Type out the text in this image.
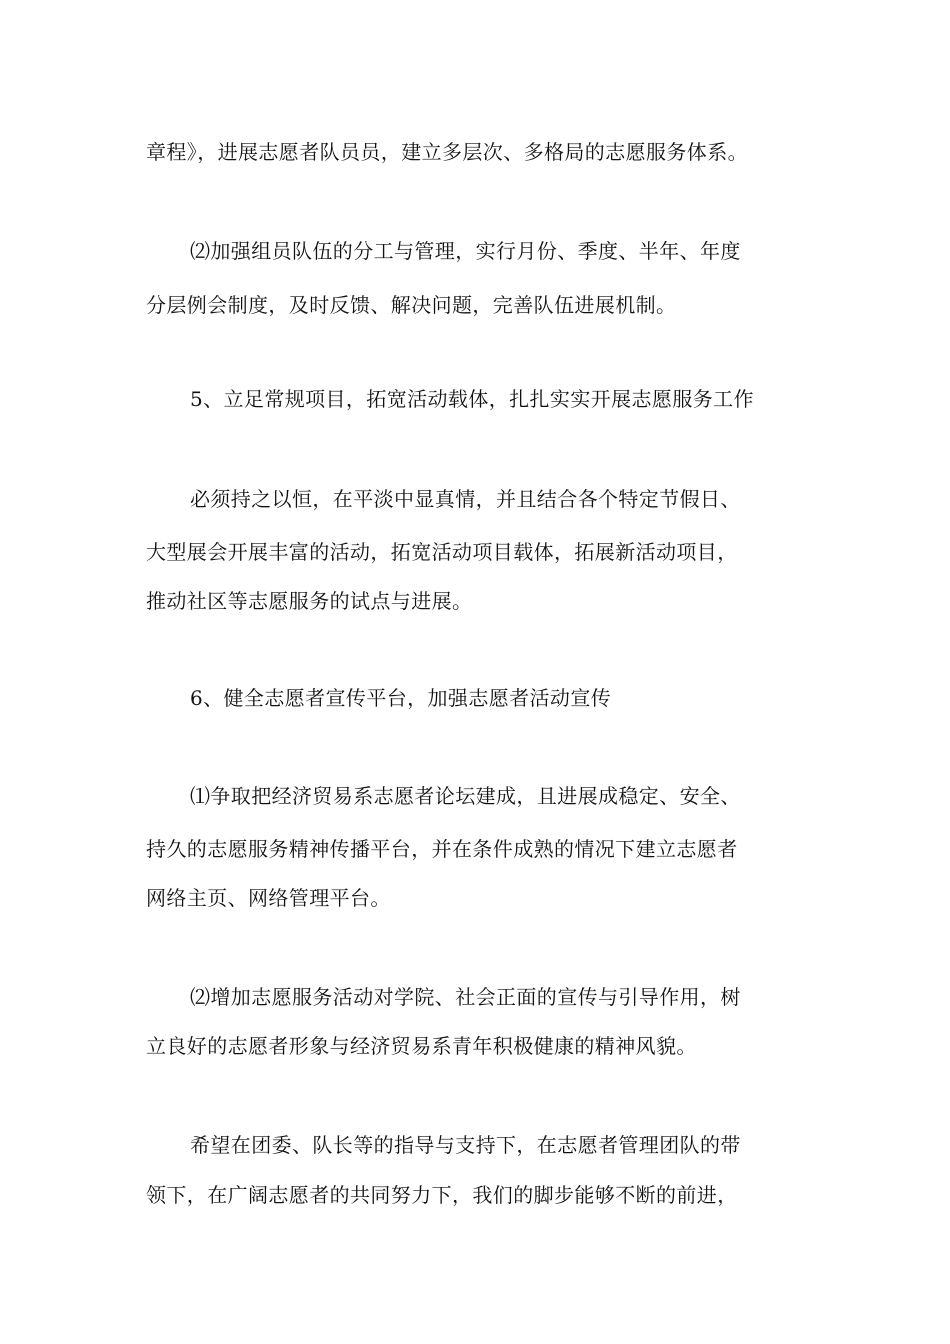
章程》，进展志愿者队员员，建立多层次、多格局的志愿服务体系。
⑵加强组员队伍的分工与管理，实行月份、季度、半年、年度
分层例会制度，及时反馈、解决问题，完善队伍进展机制。
5、立足常规项目，拓宽活动载体，扎扎实实开展志愿服务工作
必须持之以恒，在平淡中显真情，并且结合各个特定节假日、
大型展会开展丰富的活动，拓宽活动项目载体，拓展新活动项目，
推动社区等志愿服务的试点与进展。
6、健全志愿者宣传平台，加强志愿者活动宣传
⑴争取把经济贸易系志愿者论坛建成，且进展成稳定、安全、
持久的志愿服务精神传播平台，并在条件成熟的情况下建立志愿者
网络主页、网络管理平台。
⑵增加志愿服务活动对学院、社会正面的宣传与引导作用，树
立良好的志愿者形象与经济贸易系青年积极健康的精神风貌。
希望在团委、队长等的指导与支持下，在志愿者管理团队的带
领下，在广阔志愿者的共同努力下，我们的脚步能够不断的前进，
